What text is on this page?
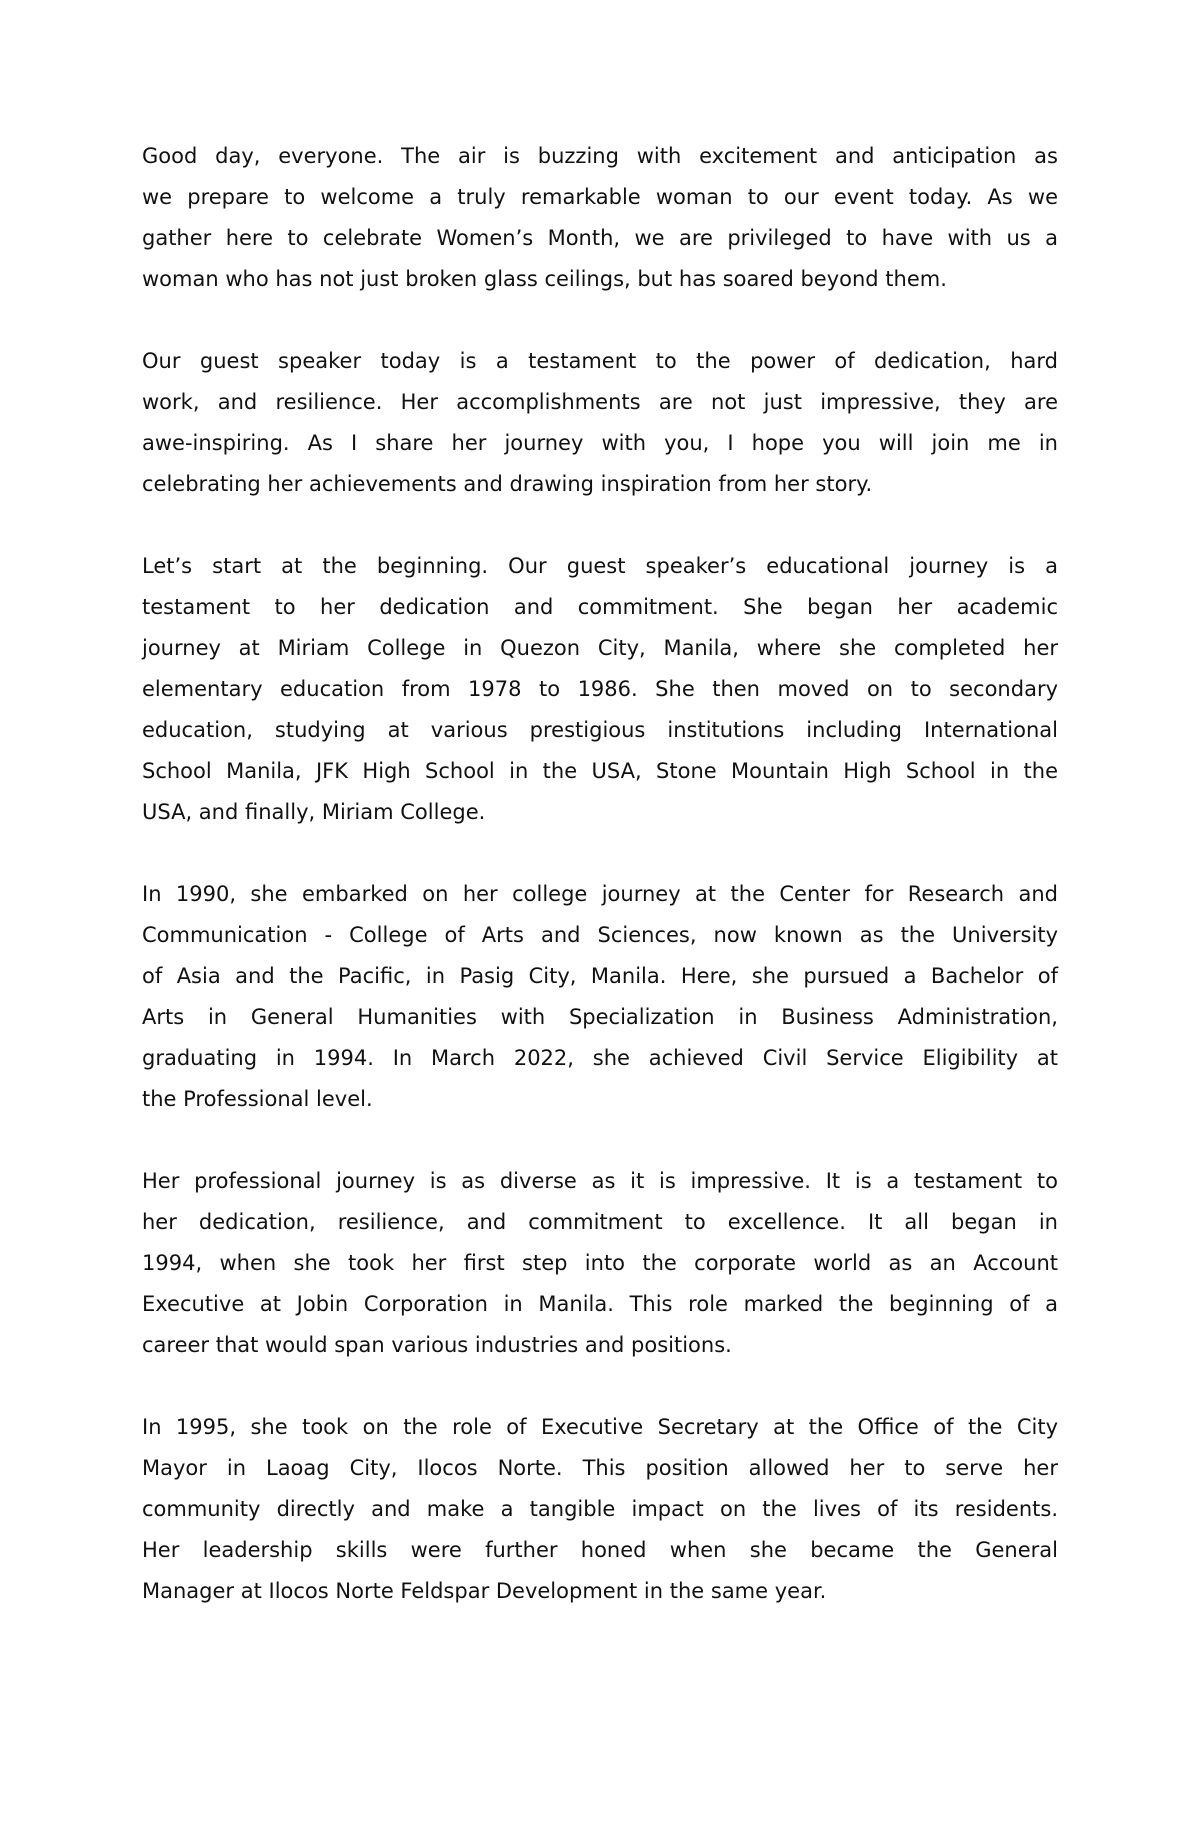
Good day, everyone. The air is buzzing with excitement and anticipation as
we prepare to welcome a truly remarkable woman to our event today. As we
gather here to celebrate Women’s Month, we are privileged to have with us a
woman who has not just broken glass ceilings, but has soared beyond them.

Our guest speaker today is a testament to the power of dedication, hard
work, and resilience. Her accomplishments are not just impressive, they are
awe-inspiring. As I share her journey with you, I hope you will join me in
celebrating her achievements and drawing inspiration from her story.

Let’s start at the beginning. Our guest speaker’s educational journey is a
testament to her dedication and commitment. She began her academic
journey at Miriam College in Quezon City, Manila, where she completed her
elementary education from 1978 to 1986. She then moved on to secondary
education, studying at various prestigious institutions including International
School Manila, JFK High School in the USA, Stone Mountain High School in the
USA, and finally, Miriam College.

In 1990, she embarked on her college journey at the Center for Research and
Communication - College of Arts and Sciences, now known as the University
of Asia and the Pacific, in Pasig City, Manila. Here, she pursued a Bachelor of
Arts in General Humanities with Specialization in Business Administration,
graduating in 1994. In March 2022, she achieved Civil Service Eligibility at
the Professional level.

Her professional journey is as diverse as it is impressive. It is a testament to
her dedication, resilience, and commitment to excellence. It all began in
1994, when she took her first step into the corporate world as an Account
Executive at Jobin Corporation in Manila. This role marked the beginning of a
career that would span various industries and positions.

In 1995, she took on the role of Executive Secretary at the Office of the City
Mayor in Laoag City, Ilocos Norte. This position allowed her to serve her
community directly and make a tangible impact on the lives of its residents.
Her leadership skills were further honed when she became the General
Manager at Ilocos Norte Feldspar Development in the same year.
